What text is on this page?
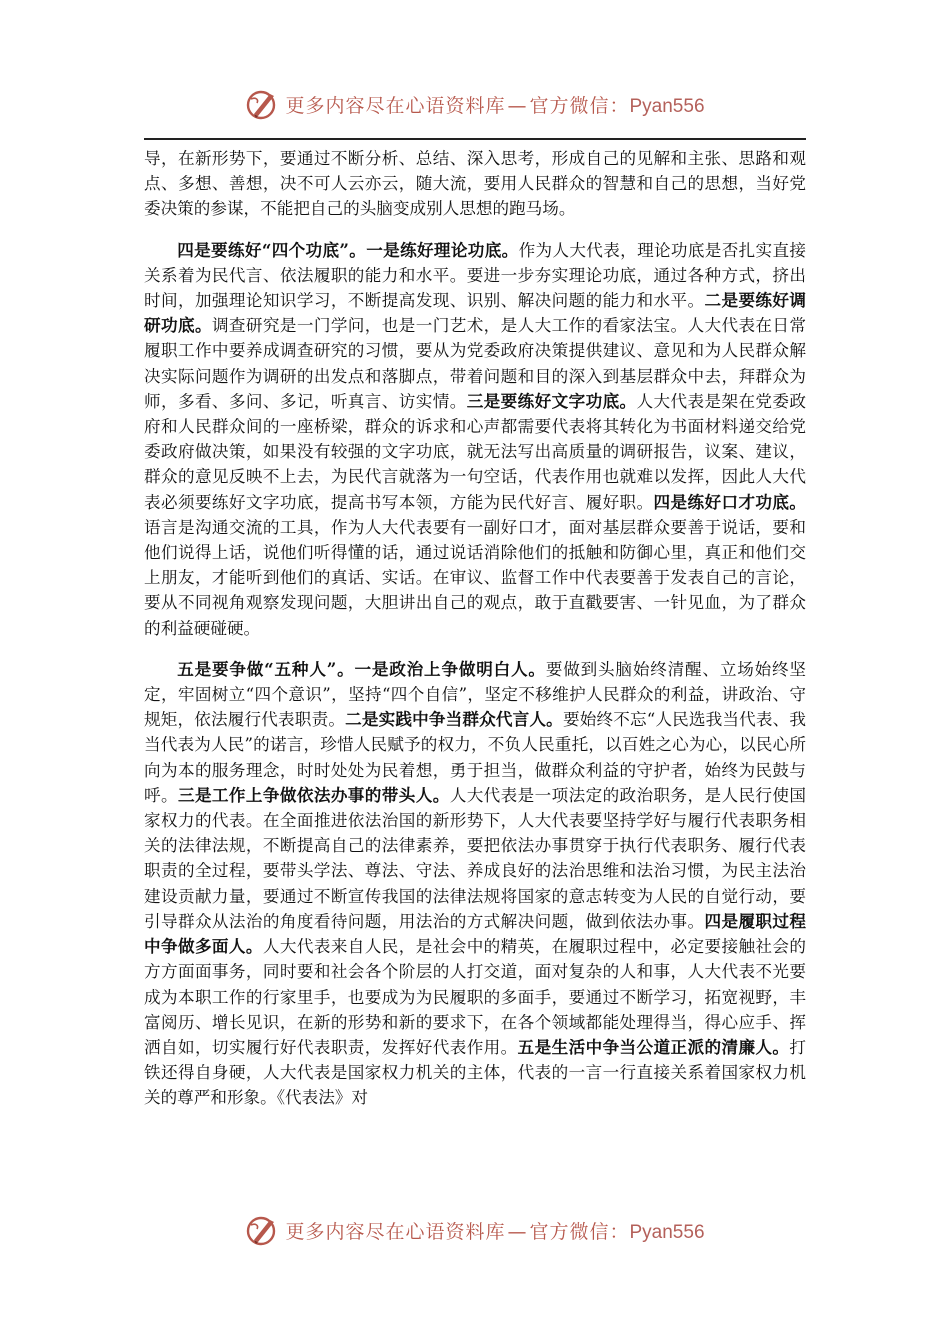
更多内容尽在心语资料库 — 官方微信：Pyan556

导，在新形势下，要通过不断分析、总结、深入思考，形成自己的见解和主张、思路和观点、多想、善想，决不可人云亦云，随大流，要用人民群众的智慧和自己的思想，当好党委决策的参谋，不能把自己的头脑变成别人思想的跑马场。

四是要练好“四个功底”。一是练好理论功底。作为人大代表，理论功底是否扎实直接关系着为民代言、依法履职的能力和水平。要进一步夯实理论功底，通过各种方式，挤出时间，加强理论知识学习，不断提高发现、识别、解决问题的能力和水平。二是要练好调研功底。调查研究是一门学问，也是一门艺术，是人大工作的看家法宝。人大代表在日常履职工作中要养成调查研究的习惯，要从为党委政府决策提供建议、意见和为人民群众解决实际问题作为调研的出发点和落脚点，带着问题和目的深入到基层群众中去，拜群众为师，多看、多问、多记，听真言、访实情。三是要练好文字功底。人大代表是架在党委政府和人民群众间的一座桥梁，群众的诉求和心声都需要代表将其转化为书面材料递交给党委政府做决策，如果没有较强的文字功底，就无法写出高质量的调研报告，议案、建议，群众的意见反映不上去，为民代言就落为一句空话，代表作用也就难以发挥，因此人大代表必须要练好文字功底，提高书写本领，方能为民代好言、履好职。四是练好口才功底。语言是沟通交流的工具，作为人大代表要有一副好口才，面对基层群众要善于说话，要和他们说得上话，说他们听得懂的话，通过说话消除他们的抵触和防御心里，真正和他们交上朋友，才能听到他们的真话、实话。在审议、监督工作中代表要善于发表自己的言论，要从不同视角观察发现问题，大胆讲出自己的观点，敢于直戳要害、一针见血，为了群众的利益硬碰硬。

五是要争做“五种人”。一是政治上争做明白人。要做到头脑始终清醒、立场始终坚定，牢固树立“四个意识”，坚持“四个自信”，坚定不移维护人民群众的利益，讲政治、守规矩，依法履行代表职责。二是实践中争当群众代言人。要始终不忘“人民选我当代表、我当代表为人民”的诺言，珍惜人民赋予的权力，不负人民重托，以百姓之心为心，以民心所向为本的服务理念，时时处处为民着想，勇于担当，做群众利益的守护者，始终为民鼓与呼。三是工作上争做依法办事的带头人。人大代表是一项法定的政治职务，是人民行使国家权力的代表。在全面推进依法治国的新形势下，人大代表要坚持学好与履行代表职务相关的法律法规，不断提高自己的法律素养，要把依法办事贯穿于执行代表职务、履行代表职责的全过程，要带头学法、尊法、守法、养成良好的法治思维和法治习惯，为民主法治建设贡献力量，要通过不断宣传我国的法律法规将国家的意志转变为人民的自觉行动，要引导群众从法治的角度看待问题，用法治的方式解决问题，做到依法办事。四是履职过程中争做多面人。人大代表来自人民，是社会中的精英，在履职过程中，必定要接触社会的方方面面事务，同时要和社会各个阶层的人打交道，面对复杂的人和事，人大代表不光要成为本职工作的行家里手，也要成为为民履职的多面手，要通过不断学习，拓宽视野，丰富阅历、增长见识，在新的形势和新的要求下，在各个领域都能处理得当，得心应手、挥洒自如，切实履行好代表职责，发挥好代表作用。五是生活中争当公道正派的清廉人。打铁还得自身硬，人大代表是国家权力机关的主体，代表的一言一行直接关系着国家权力机关的尊严和形象。《代表法》对

更多内容尽在心语资料库 — 官方微信：Pyan556
